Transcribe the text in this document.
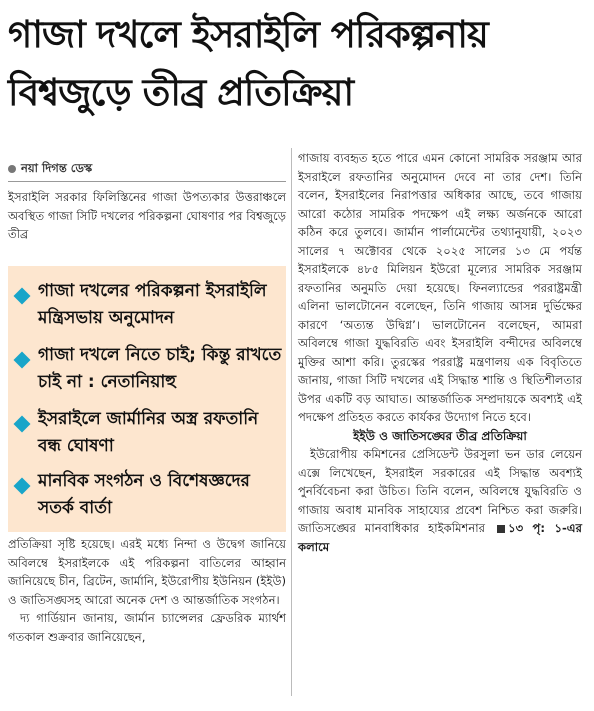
গাজা দখলে ইসরাইলি পরিকল্পনায়
বিশ্বজুড়ে তীব্র প্রতিক্রিয়া
নয়া দিগন্ত ডেস্ক

ইসরাইলি সরকার ফিলিস্তিনের গাজা উপত্যকার উত্তরাঞ্চলে অবস্থিত গাজা সিটি দখলের পরিকল্পনা ঘোষণার পর বিশ্বজুড়ে তীব্র

গাজা দখলের পরিকল্পনা ইসরাইলি মন্ত্রিসভায় অনুমোদন
গাজা দখলে নিতে চাই; কিন্তু রাখতে চাই না : নেতানিয়াহু
ইসরাইলে জার্মানির অস্ত্র রফতানি বন্ধ ঘোষণা
মানবিক সংগঠন ও বিশেষজ্ঞদের সতর্ক বার্তা

প্রতিক্রিয়া সৃষ্টি হয়েছে। এরই মধ্যে নিন্দা ও উদ্বেগ জানিয়ে অবিলম্বে ইসরাইলকে এই পরিকল্পনা বাতিলের আহ্বান জানিয়েছে চীন, ব্রিটেন, জার্মানি, ইউরোপীয় ইউনিয়ন (ইইউ) ও জাতিসঙ্ঘসহ আরো অনেক দেশ ও আন্তর্জাতিক সংগঠন।

দ্য গার্ডিয়ান জানায়, জার্মান চ্যান্সেলর ফ্রেডরিক ম্যার্থশ গতকাল শুক্রবার জানিয়েছেন,

গাজায় ব্যবহৃত হতে পারে এমন কোনো সামরিক সরঞ্জাম আর ইসরাইলে রফতানির অনুমোদন দেবে না তার দেশ। তিনি বলেন, ইসরাইলের নিরাপত্তার অধিকার আছে, তবে গাজায় আরো কঠোর সামরিক পদক্ষেপ এই লক্ষ্য অর্জনকে আরো কঠিন করে তুলবে। জার্মান পার্লামেন্টের তথ্যানুযায়ী, ২০২৩ সালের ৭ অক্টোবর থেকে ২০২৫ সালের ১৩ মে পর্যন্ত ইসরাইলকে ৪৮৫ মিলিয়ন ইউরো মূল্যের সামরিক সরঞ্জাম রফতানির অনুমতি দেয়া হয়েছে। ফিনল্যান্ডের পররাষ্ট্রমন্ত্রী এলিনা ভালটোনেন বলেছেন, তিনি গাজায় আসন্ন দুর্ভিক্ষের কারণে ‘অত্যন্ত উদ্বিগ্ন’। ভালটোনেন বলেছেন, আমরা অবিলম্বে গাজা যুদ্ধবিরতি এবং ইসরাইলি বন্দীদের অবিলম্বে মুক্তির আশা করি। তুরস্কের পররাষ্ট্র মন্ত্রণালয় এক বিবৃতিতে জানায়, গাজা সিটি দখলের এই সিদ্ধান্ত শান্তি ও স্থিতিশীলতার উপর একটি বড় আঘাত। আন্তর্জাতিক সম্প্রদায়কে অবশ্যই এই পদক্ষেপ প্রতিহত করতে কার্যকর উদ্যোগ নিতে হবে।

ইইউ ও জাতিসঙ্ঘের তীব্র প্রতিক্রিয়া

ইউরোপীয় কমিশনের প্রেসিডেন্ট উরসুলা ভন ডার লেয়েন এক্সে লিখেছেন, ইসরাইল সরকারের এই সিদ্ধান্ত অবশ্যই পুনর্বিবেচনা করা উচিত। তিনি বলেন, অবিলম্বে যুদ্ধবিরতি ও গাজায় অবাধ মানবিক সাহায্যের প্রবেশ নিশ্চিত করা জরুরি। জাতিসঙ্ঘের মানবাধিকার হাইকমিশনার ১৩ পৃ: ১-এর কলামে
